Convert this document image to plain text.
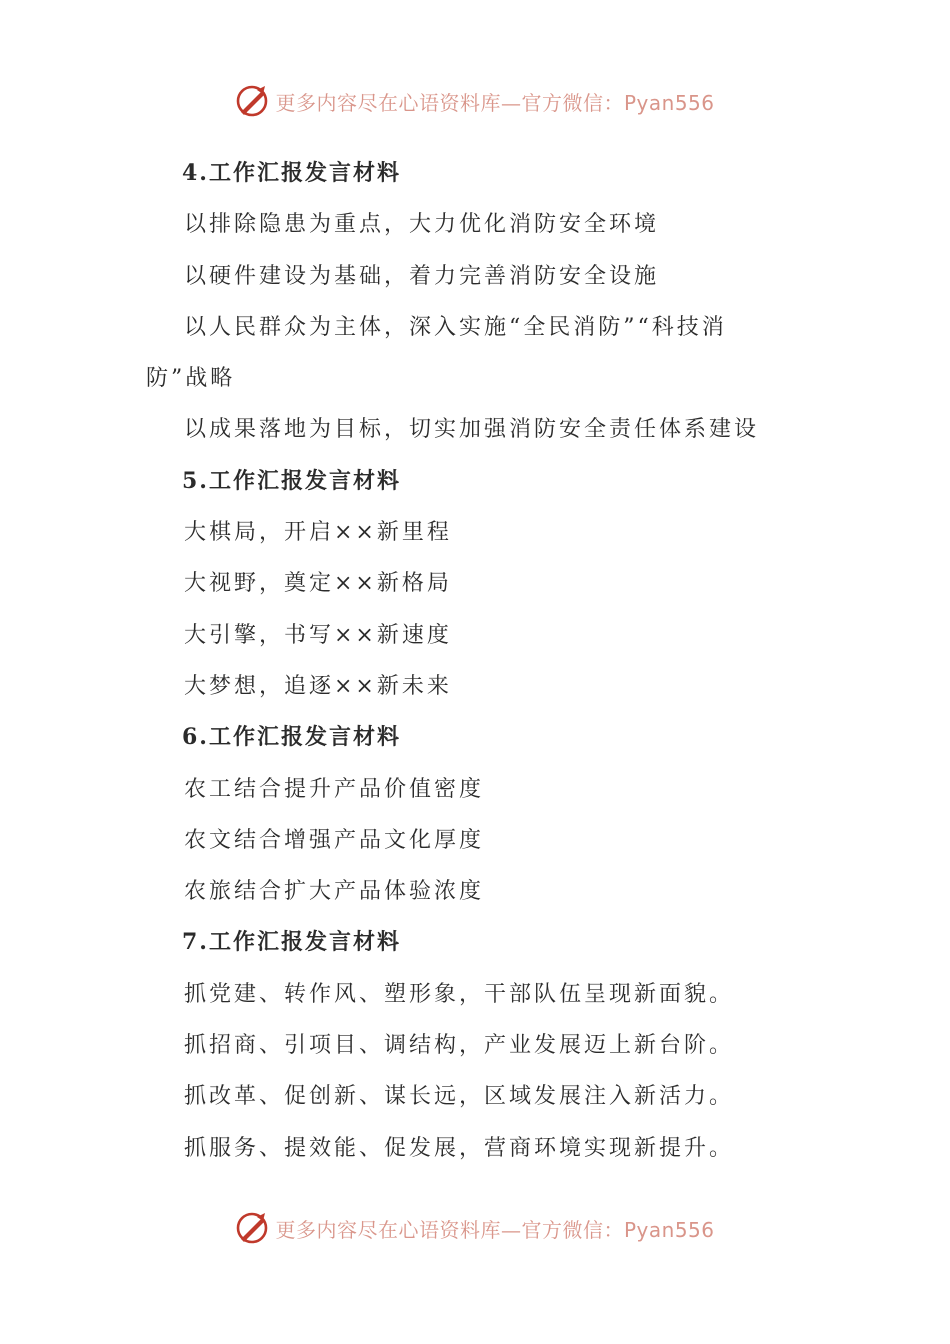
更多内容尽在心语资料库—官方微信：Pyan556

4.工作汇报发言材料

以排除隐患为重点，大力优化消防安全环境

以硬件建设为基础，着力完善消防安全设施

以人民群众为主体，深入实施“全民消防”“科技消

防”战略

以成果落地为目标，切实加强消防安全责任体系建设

5.工作汇报发言材料

大棋局，开启××新里程

大视野，奠定××新格局

大引擎，书写××新速度

大梦想，追逐××新未来

6.工作汇报发言材料

农工结合提升产品价值密度

农文结合增强产品文化厚度

农旅结合扩大产品体验浓度

7.工作汇报发言材料

抓党建、转作风、塑形象，干部队伍呈现新面貌。

抓招商、引项目、调结构，产业发展迈上新台阶。

抓改革、促创新、谋长远，区域发展注入新活力。

抓服务、提效能、促发展，营商环境实现新提升。

更多内容尽在心语资料库—官方微信：Pyan556
